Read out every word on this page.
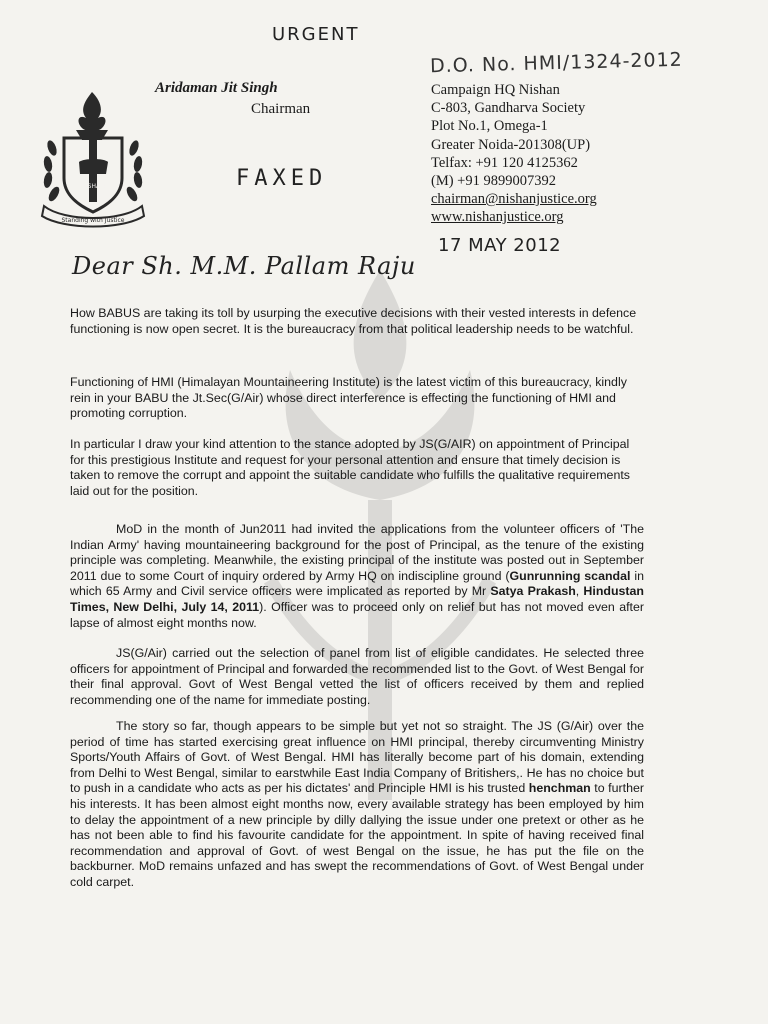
URGENT
D.O. No. HMI/1324-2012
NISHAN
Standing with Justice
Aridaman Jit Singh
Chairman
FAXED
Campaign HQ Nishan
C-803, Gandharva Society
Plot No.1, Omega-1
Greater Noida-201308(UP)
Telfax: +91 120 4125362
(M) +91 9899007392
chairman@nishanjustice.org
www.nishanjustice.org
17 MAY 2012
Dear Sh. M.M. Pallam Raju

How BABUS are taking its toll by usurping the executive decisions with their vested interests in defence functioning is now open secret. It is the bureaucracy from that political leadership needs to be watchful.

Functioning of HMI (Himalayan Mountaineering Institute) is the latest victim of this bureaucracy, kindly rein in your BABU the Jt.Sec(G/Air) whose direct interference is effecting the functioning of HMI and promoting corruption.

In particular I draw your kind attention to the stance adopted by JS(G/AIR) on appointment of Principal for this prestigious Institute and request for your personal attention and ensure that timely decision is taken to remove the corrupt and appoint the suitable candidate who fulfills the qualitative requirements laid out for the position.

MoD in the month of Jun2011 had invited the applications from the volunteer officers of 'The Indian Army' having mountaineering background for the post of Principal, as the tenure of the existing principle was completing. Meanwhile, the existing principal of the institute was posted out in September 2011 due to some Court of inquiry ordered by Army HQ on indiscipline ground (Gunrunning scandal in which 65 Army and Civil service officers were implicated as reported by Mr Satya Prakash, Hindustan Times, New Delhi, July 14, 2011). Officer was to proceed only on relief but has not moved even after lapse of almost eight months now.

JS(G/Air) carried out the selection of panel from list of eligible candidates. He selected three officers for appointment of Principal and forwarded the recommended list to the Govt. of West Bengal for their final approval. Govt of West Bengal vetted the list of officers received by them and replied recommending one of the name for immediate posting.

The story so far, though appears to be simple but yet not so straight. The JS (G/Air) over the period of time has started exercising great influence on HMI principal, thereby circumventing Ministry Sports/Youth Affairs of Govt. of West Bengal. HMI has literally become part of his domain, extending from Delhi to West Bengal, similar to earstwhile East India Company of Britishers,. He has no choice but to push in a candidate who acts as per his dictates' and Principle HMI is his trusted henchman to further his interests. It has been almost eight months now, every available strategy has been employed by him to delay the appointment of a new principle by dilly dallying the issue under one pretext or other as he has not been able to find his favourite candidate for the appointment. In spite of having received final recommendation and approval of Govt. of west Bengal on the issue, he has put the file on the backburner. MoD remains unfazed and has swept the recommendations of Govt. of West Bengal under cold carpet.
